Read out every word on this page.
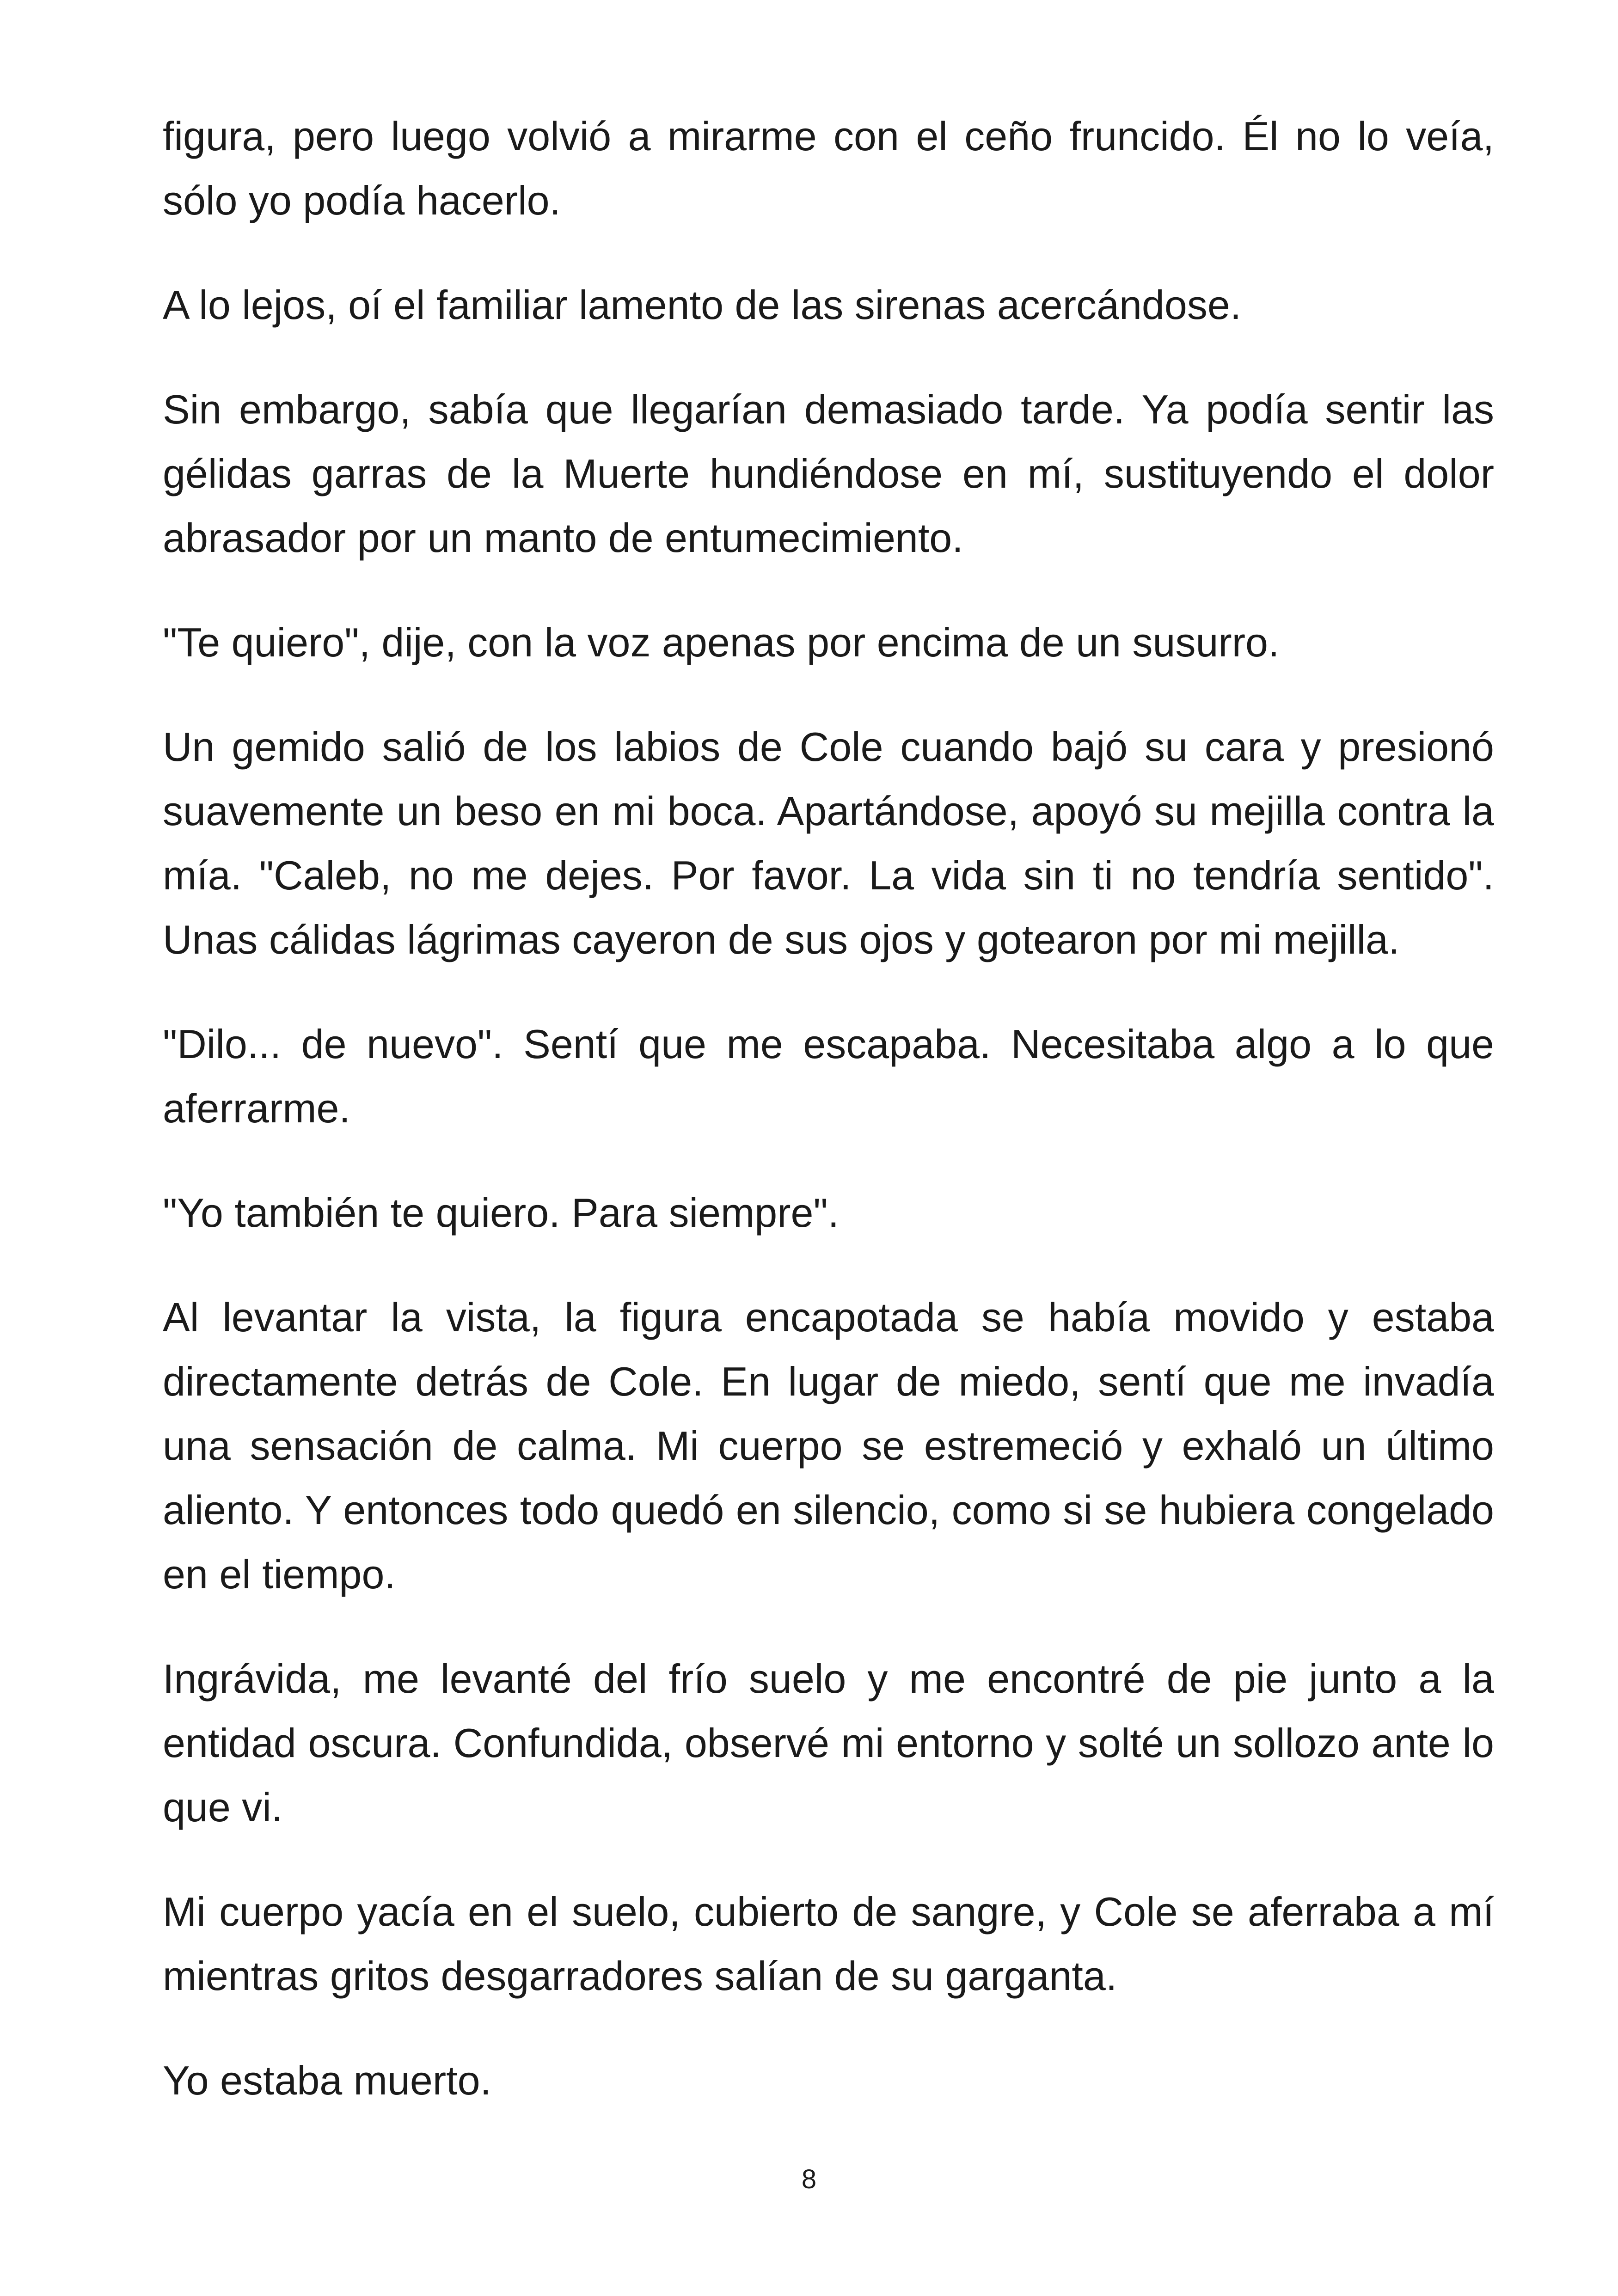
figura, pero luego volvió a mirarme con el ceño fruncido. Él no lo veía, sólo yo podía hacerlo.

A lo lejos, oí el familiar lamento de las sirenas acercándose.

Sin embargo, sabía que llegarían demasiado tarde. Ya podía sentir las gélidas garras de la Muerte hundiéndose en mí, sustituyendo el dolor abrasador por un manto de entumecimiento.

"Te quiero", dije, con la voz apenas por encima de un susurro.

Un gemido salió de los labios de Cole cuando bajó su cara y presionó suavemente un beso en mi boca. Apartándose, apoyó su mejilla contra la mía. "Caleb, no me dejes. Por favor. La vida sin ti no tendría sentido". Unas cálidas lágrimas cayeron de sus ojos y gotearon por mi mejilla.

"Dilo... de nuevo". Sentí que me escapaba. Necesitaba algo a lo que aferrarme.

"Yo también te quiero. Para siempre".

Al levantar la vista, la figura encapotada se había movido y estaba directamente detrás de Cole. En lugar de miedo, sentí que me invadía una sensación de calma. Mi cuerpo se estremeció y exhaló un último aliento. Y entonces todo quedó en silencio, como si se hubiera congelado en el tiempo.

Ingrávida, me levanté del frío suelo y me encontré de pie junto a la entidad oscura. Confundida, observé mi entorno y solté un sollozo ante lo que vi.

Mi cuerpo yacía en el suelo, cubierto de sangre, y Cole se aferraba a mí mientras gritos desgarradores salían de su garganta.

Yo estaba muerto.

8
